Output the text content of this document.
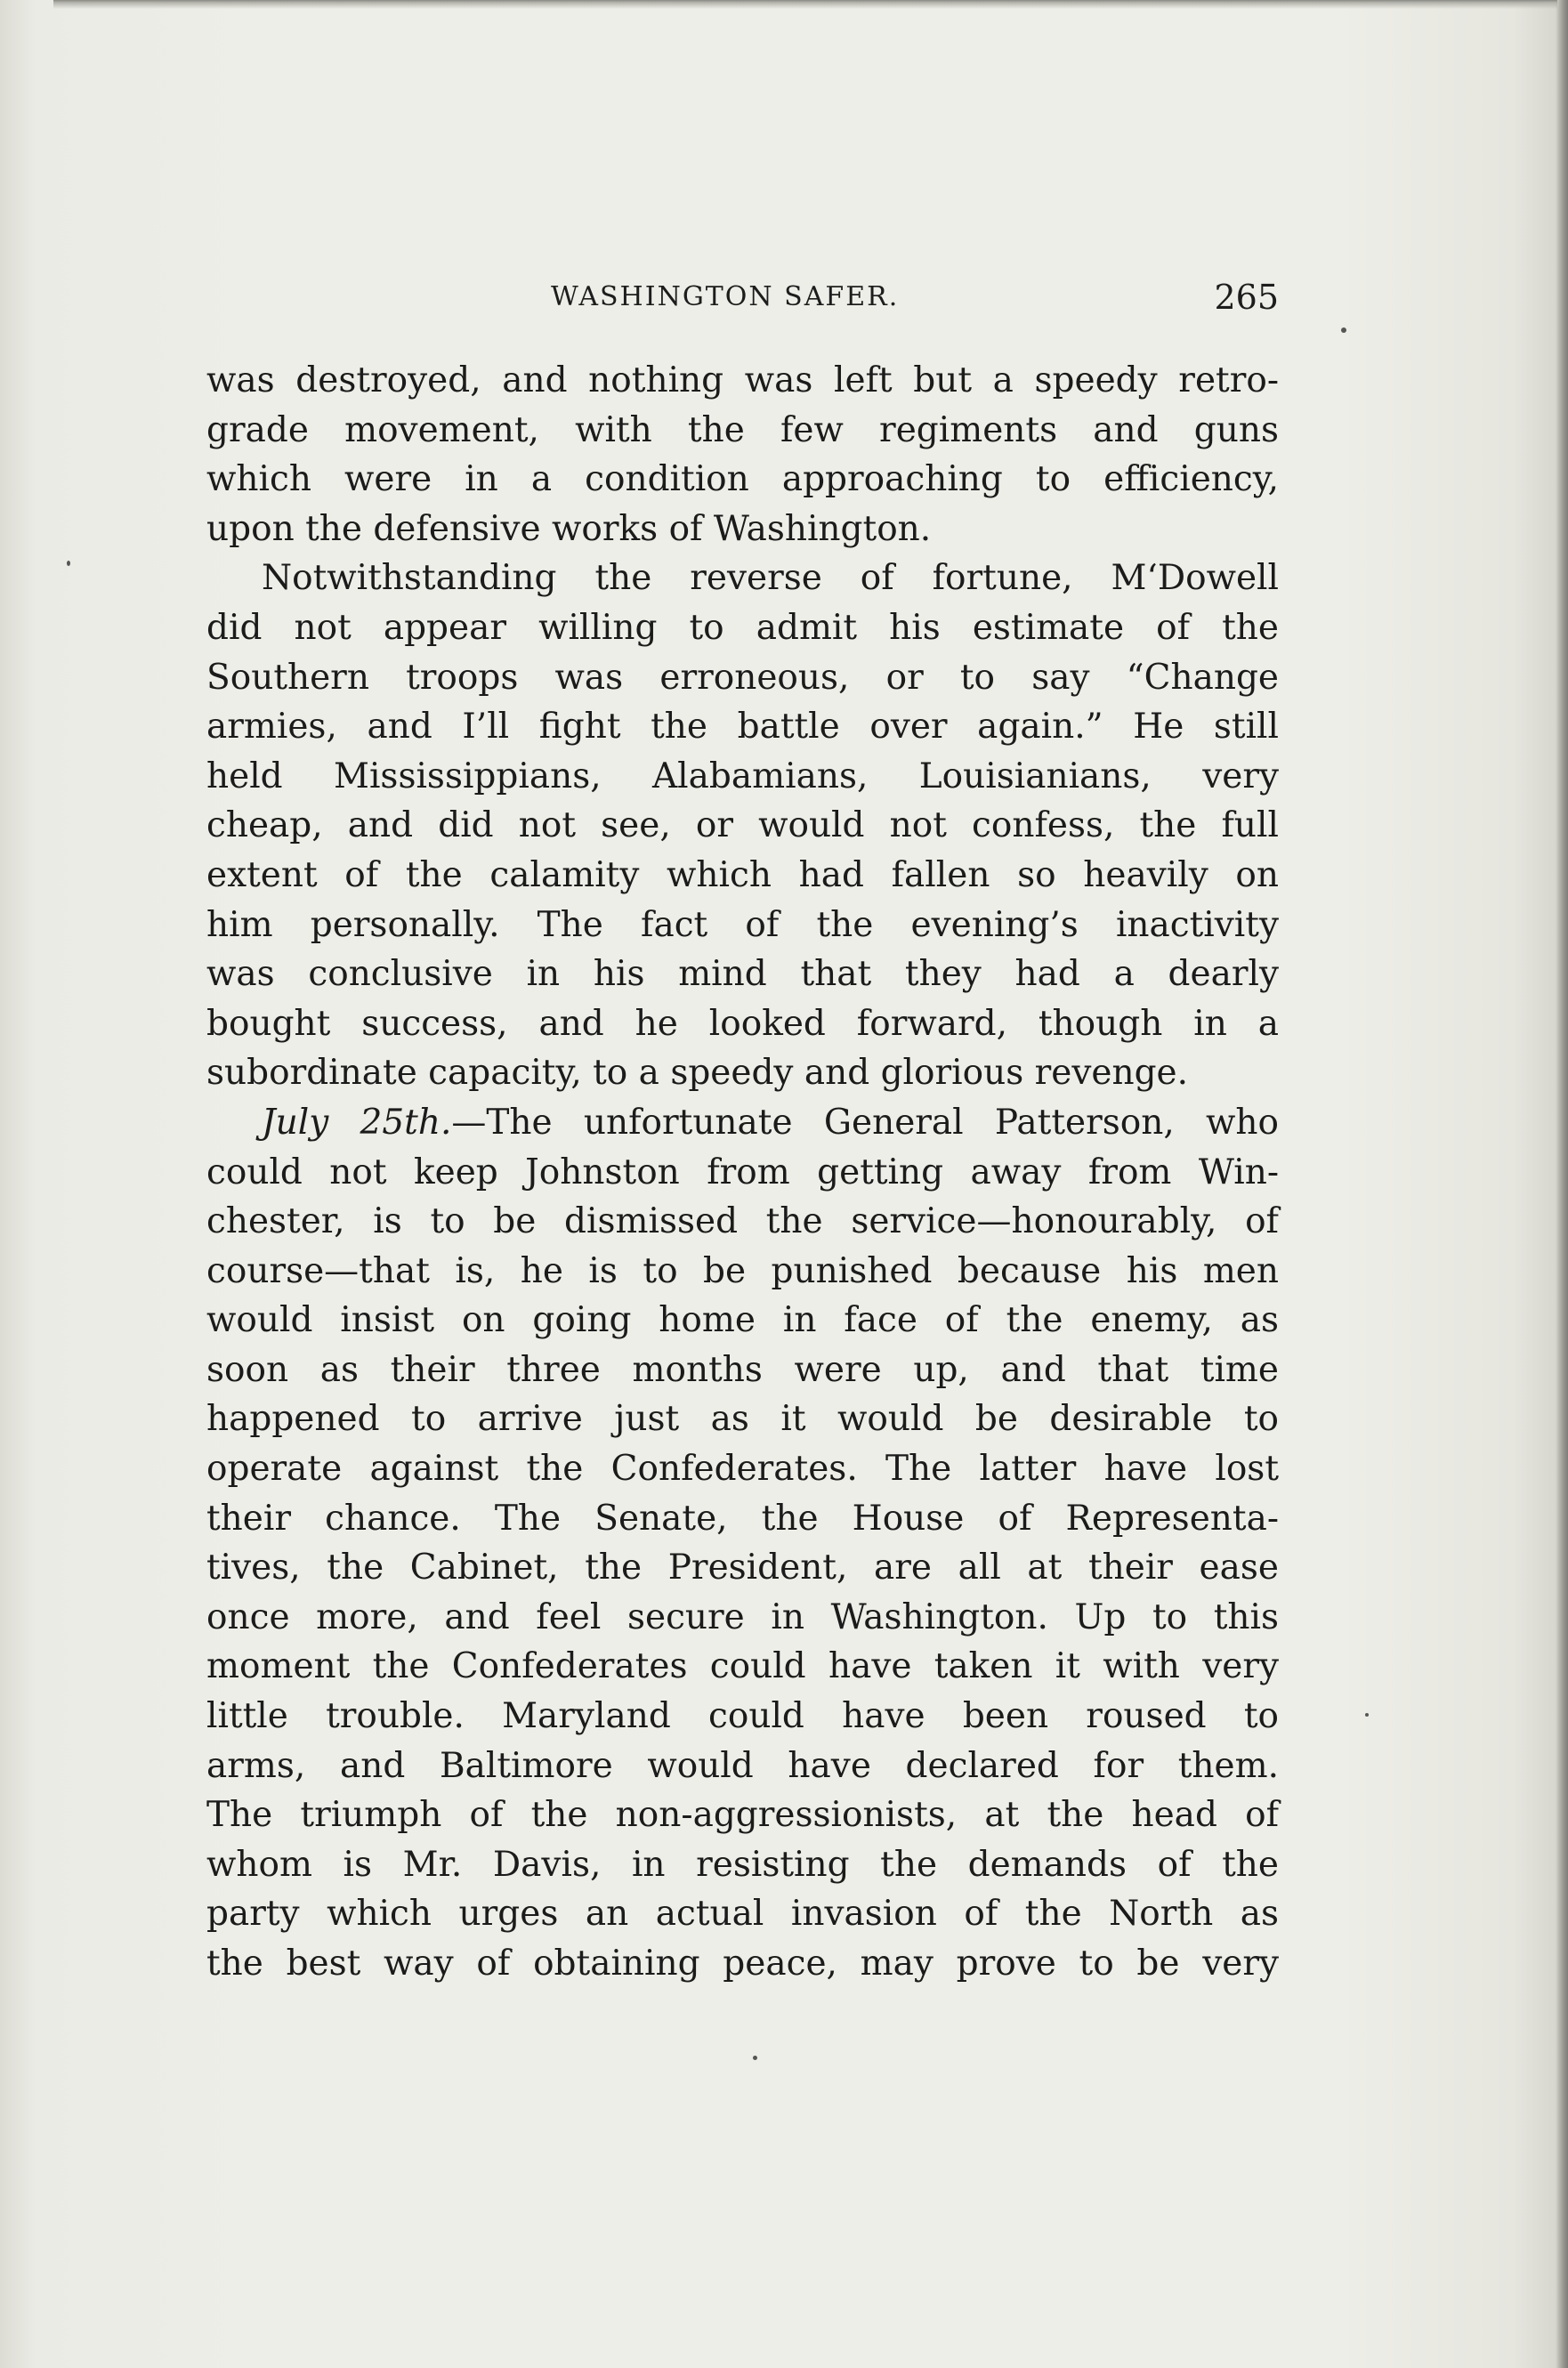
WASHINGTON SAFER.	265
was destroyed, and nothing was left but a speedy retro-
grade movement, with the few regiments and guns
which were in a condition approaching to efficiency,
upon the defensive works of Washington.
Notwithstanding the reverse of fortune, M‘Dowell
did not appear willing to admit his estimate of the
Southern troops was erroneous, or to say “Change
armies, and I’ll fight the battle over again.” He still
held Mississippians, Alabamians, Louisianians, very
cheap, and did not see, or would not confess, the full
extent of the calamity which had fallen so heavily on
him personally. The fact of the evening’s inactivity
was conclusive in his mind that they had a dearly
bought success, and he looked forward, though in a
subordinate capacity, to a speedy and glorious revenge.
July 25th.—The unfortunate General Patterson, who
could not keep Johnston from getting away from Win-
chester, is to be dismissed the service—honourably, of
course—that is, he is to be punished because his men
would insist on going home in face of the enemy, as
soon as their three months were up, and that time
happened to arrive just as it would be desirable to
operate against the Confederates. The latter have lost
their chance. The Senate, the House of Representa-
tives, the Cabinet, the President, are all at their ease
once more, and feel secure in Washington. Up to this
moment the Confederates could have taken it with very
little trouble. Maryland could have been roused to
arms, and Baltimore would have declared for them.
The triumph of the non-aggressionists, at the head of
whom is Mr. Davis, in resisting the demands of the
party which urges an actual invasion of the North as
the best way of obtaining peace, may prove to be very
